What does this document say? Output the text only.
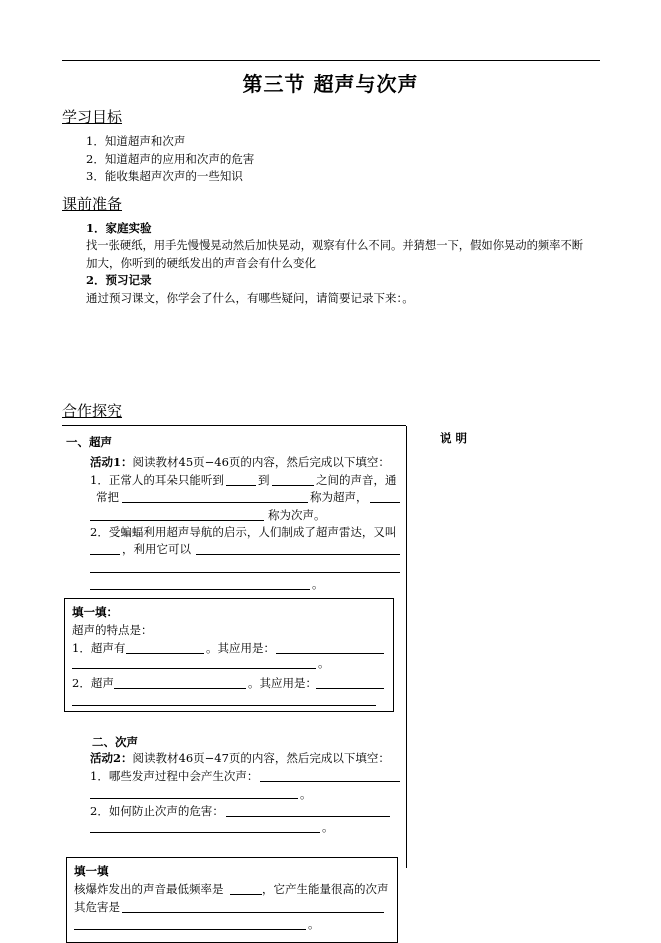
第三节 超声与次声
学习目标
1．知道超声和次声
2．知道超声的应用和次声的危害
3．能收集超声次声的一些知识
课前准备
1．家庭实验
找一张硬纸，用手先慢慢晃动然后加快晃动，观察有什么不同。并猜想一下，假如你晃动的频率不断
加大，你听到的硬纸发出的声音会有什么变化
2．预习记录
通过预习课文，你学会了什么，有哪些疑问，请简要记录下来：。
合作探究
说 明
一、超声
活动1：阅读教材45页−46页的内容，然后完成以下填空：
1．正常人的耳朵只能听到	到	之间的声音，通
常把	称为超声，
称为次声。
2．受蝙蝠利用超声导航的启示，人们制成了超声雷达，又叫
，利用它可以
。
填一填：
超声的特点是：
1．超声有	。其应用是：
。
2．超声	。其应用是：
二、次声
活动2：阅读教材46页−47页的内容，然后完成以下填空：
1．哪些发声过程中会产生次声：
。
2．如何防止次声的危害：
。
填一填
核爆炸发出的声音最低频率是	，它产生能量很高的次声
其危害是
。
